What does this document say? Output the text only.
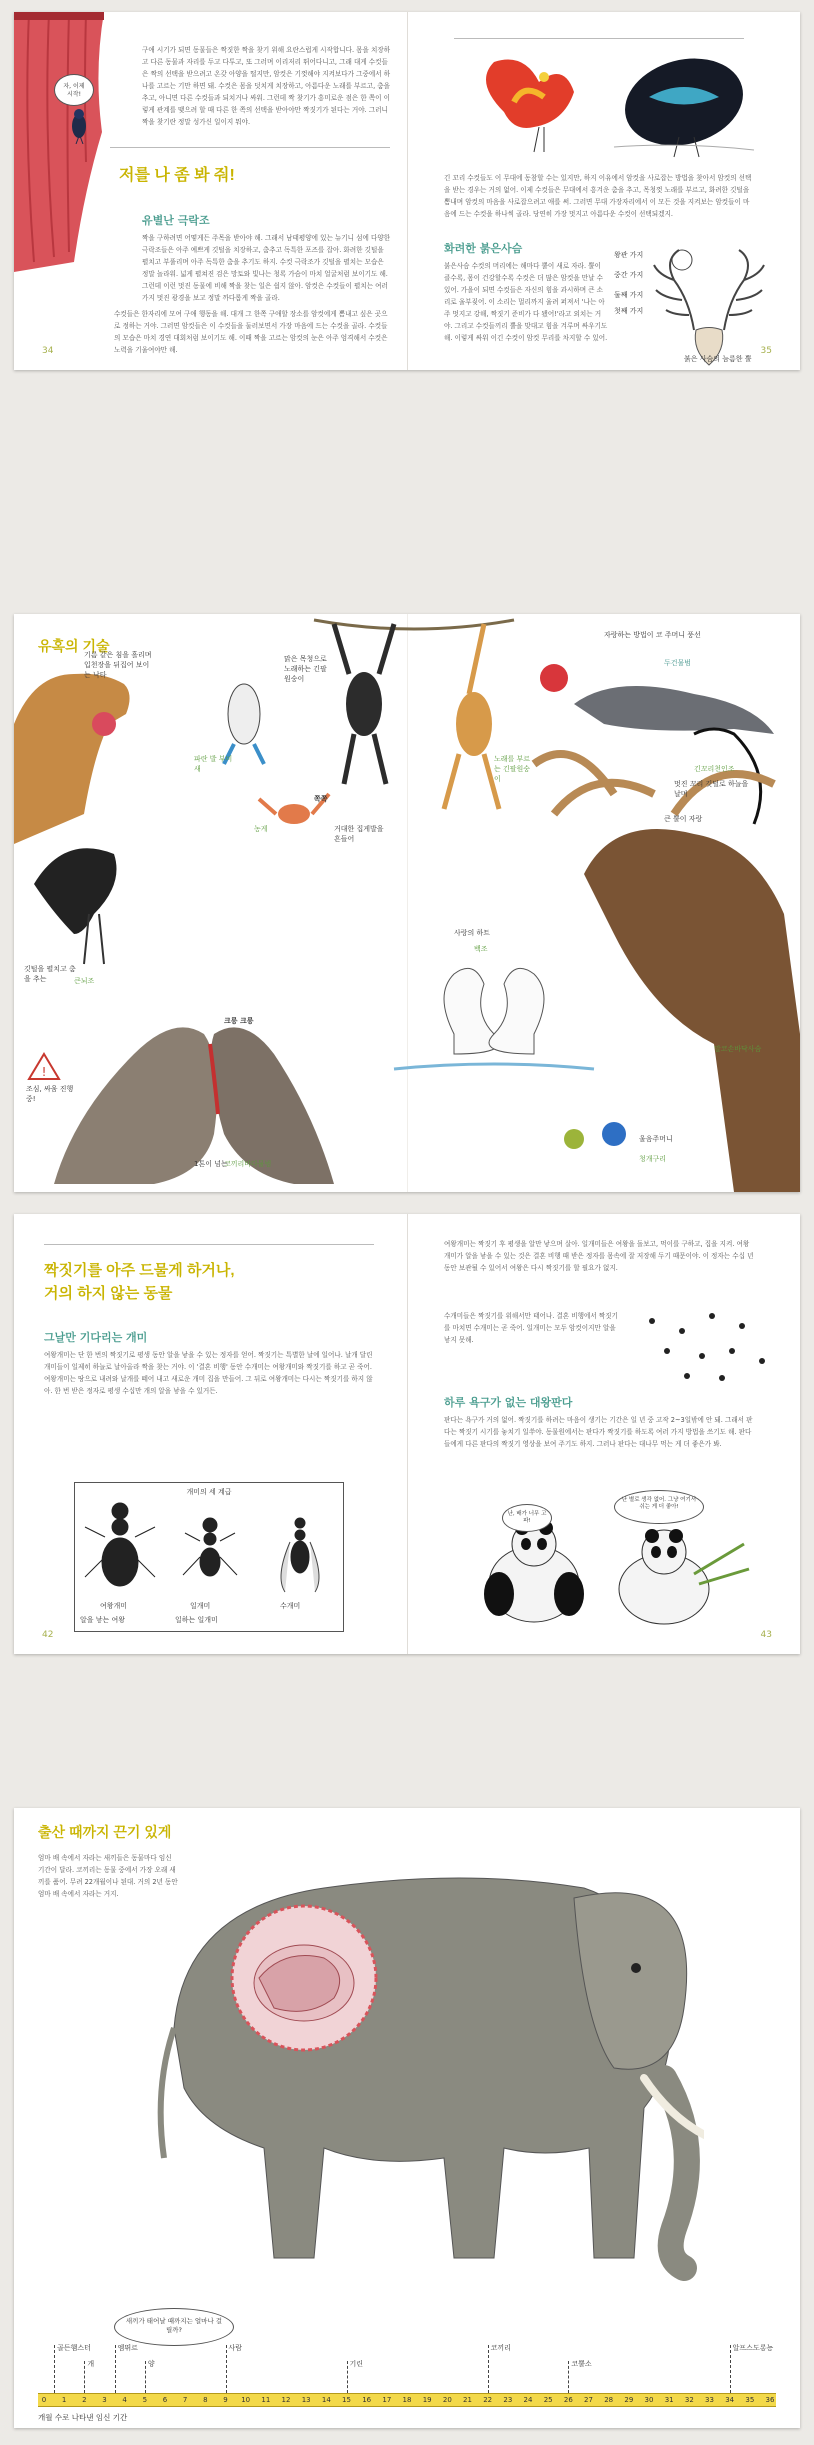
자, 이제
시작!

구애 시기가 되면 동물들은 짝짓한 짝을 찾기 위해 요란스럽게 시작합니다. 몸을 치장하고 다른 동물과 자리를 두고 다투고, 또 그러며 이리저리 뛰어다니고, 그래 대게 수컷들은 짝의 선택을 받으려고 온갖 아양을 떨지만, 암컷은 기껏해야 지켜보다가 그중에서 하나를 고르는 기만 하면 돼. 수컷은 몸을 덧치게 치장하고, 아름다운 노래를 부르고, 춤을 추고, 아니면 다른 수컷들과 되치거나 싸워. 그런데 짝 찾기가 흥미로운 점은 한 쪽이 이렇게 관계를 맺으려 할 때 다른 한 쪽의 선택을 받아야만 짝짓기가 된다는 거야. 그러니 짝을 찾기란 정말 성가신 일이지 뭐야.

저를 나 좀 봐 줘!
유별난 극락조

짝을 구하려면 어떻게든 주목을 받아야 해. 그래서 남태평양에 있는 뉴기니 섬에 다양한 극락조들은 아주 예쁘게 깃털을 치장하고, 춤추고 독특한 포즈를 잡아. 화려한 깃털을 펼치고 부풀리며 아주 독특한 춤을 추기도 하지. 수컷 극락조가 깃털을 펼치는 모습은 정말 놀라워. 넓게 펼쳐진 검은 망토와 빛나는 청록 가슴이 마치 얼굴처럼 보이기도 해. 그런데 이런 멋진 동물에 비해 짝을 찾는 일은 쉽지 않아. 암컷은 수컷들이 펼치는 여러 가지 멋진 광경을 보고 정말 까다롭게 짝을 골라.

수컷들은 한자리에 모여 구애 행동을 해. 대개 그 한쪽 구애할 장소를 암컷에게 뽐내고 싶은 곳으로 정하는 거야. 그러면 암컷들은 이 수컷들을 둘러보면서 가장 마음에 드는 수컷을 골라. 수컷들의 모습은 마치 경연 대회처럼 보이기도 해. 이때 짝을 고르는 암컷의 눈은 아주 엄격해서 수컷은 노력을 기울여야만 해.

34

긴 꼬리 수컷들도 이 무대에 동참할 수는 있지만, 하지 이유에서 암컷을 사로잡는 방법을 찾아서 암컷의 선택을 받는 경우는 거의 없어. 이제 수컷들은 무대에서 흥겨운 춤을 추고, 목청껏 노래를 부르고, 화려한 깃털을 뽐내며 암컷의 마음을 사로잡으려고 애를 써. 그러면 무대 가장자리에서 이 모든 것을 지켜보는 암컷들이 마음에 드는 수컷을 하나씩 골라. 당연히 가장 멋지고 아름다운 수컷이 선택되겠지.

화려한 붉은사슴

붉은사슴 수컷의 머리에는 해마다 뿔이 새로 자라. 뿔이 클수록, 몸이 건강할수록 수컷은 더 많은 암컷을 만날 수 있어. 가을이 되면 수컷들은 자신의 힘을 과시하며 큰 소리로 울부짖어. 이 소리는 멀리까지 울려 퍼져서 '나는 아주 멋지고 강해, 짝짓기 준비가 다 됐어!'라고 외치는 거야. 그리고 수컷들끼리 뿔을 맞대고 힘을 겨루며 싸우기도 해. 이렇게 싸워 이긴 수컷이 암컷 무리를 차지할 수 있어.

왕관 가지
중간 가지
둘째 가지
첫째 가지
붉은 사슴의 늠름한 뿔
35
유혹의 기술
!
기름 같은 침을 흘리며 입천장을 뒤집어 보이는 낙타
파란 발 부비새
맑은 목청으로 노래하는 긴팔원숭이
노래를 부르는 긴팔원숭이
자랑하는 방법이 코 주머니 풍선
두건물범
큰뇌조
깃털을 펼치고 춤을 추는
농게	거대한 집게발을 흔들어
긴꼬리천인조
멋진 꼬리 깃털로 하늘을 날며
말코손바닥사슴
큰 뿔이 자랑
백조
사랑의 하트
청개구리
울음주머니
코끼리바다물범
1톤이 넘는
조심, 싸움 진행중!
쪽쪽
크릉 크릉
짝짓기를 아주 드물게 하거나,
거의 하지 않는 동물
그날만 기다리는 개미

여왕개미는 단 한 번의 짝짓기로 평생 동안 알을 낳을 수 있는 정자를 얻어. 짝짓기는 특별한 날에 일어나. 날개 달린 개미들이 일제히 하늘로 날아올라 짝을 찾는 거야. 이 '결혼 비행' 동안 수개미는 여왕개미와 짝짓기를 하고 곧 죽어. 여왕개미는 땅으로 내려와 날개를 떼어 내고 새로운 개미 집을 만들어. 그 뒤로 여왕개미는 다시는 짝짓기를 하지 않아. 한 번 받은 정자로 평생 수십만 개의 알을 낳을 수 있거든.

개미의 세 계급
여왕개미
알을 낳는 여왕
일개미
일하는 일개미
수개미
42

여왕개미는 짝짓기 후 평생을 알만 낳으며 살아. 일개미들은 여왕을 돌보고, 먹이를 구하고, 집을 지켜. 여왕개미가 알을 낳을 수 있는 것은 결혼 비행 때 받은 정자를 몸속에 잘 저장해 두기 때문이야. 이 정자는 수십 년 동안 보관될 수 있어서 여왕은 다시 짝짓기를 할 필요가 없지.

수개미들은 짝짓기를 위해서만 태어나. 결혼 비행에서 짝짓기를 마치면 수개미는 곧 죽어. 일개미는 모두 암컷이지만 알을 낳지 못해.

하루 욕구가 없는 대왕판다

판다는 욕구가 거의 없어. 짝짓기를 하려는 마음이 생기는 기간은 일 년 중 고작 2~3일밖에 안 돼. 그래서 판다는 짝짓기 시기를 놓치기 일쑤야. 동물원에서는 판다가 짝짓기를 하도록 여러 가지 방법을 쓰기도 해. 판다들에게 다른 판다의 짝짓기 영상을 보여 주기도 하지. 그러나 판다는 대나무 먹는 게 더 좋은가 봐.

난, 배가 너무 고파!
난 별로 생각 없어. 그냥 여기서 쉬는 게 더 좋아!
43
출산 때까지 끈기 있게

엄마 배 속에서 자라는 새끼들은 동물마다 임신 기간이 달라. 코끼리는 동물 중에서 가장 오래 새끼를 품어. 무려 22개월이나 된대. 거의 2년 동안 엄마 배 속에서 자라는 거지.

새끼가 태어날 때까지는 얼마나 걸릴까?
0 1 2 3 4 5 6 7 8 9 10 11 12 13 14 15 16 17 18 19 20 21 22 23 24 25 26 27 28 29 30 31 32 33 34 35 36
골든햄스터
개
엠뛰르
양
사람
기린
코끼리
코뿔소
알프스도롱뇽
개월 수로 나타낸 임신 기간
